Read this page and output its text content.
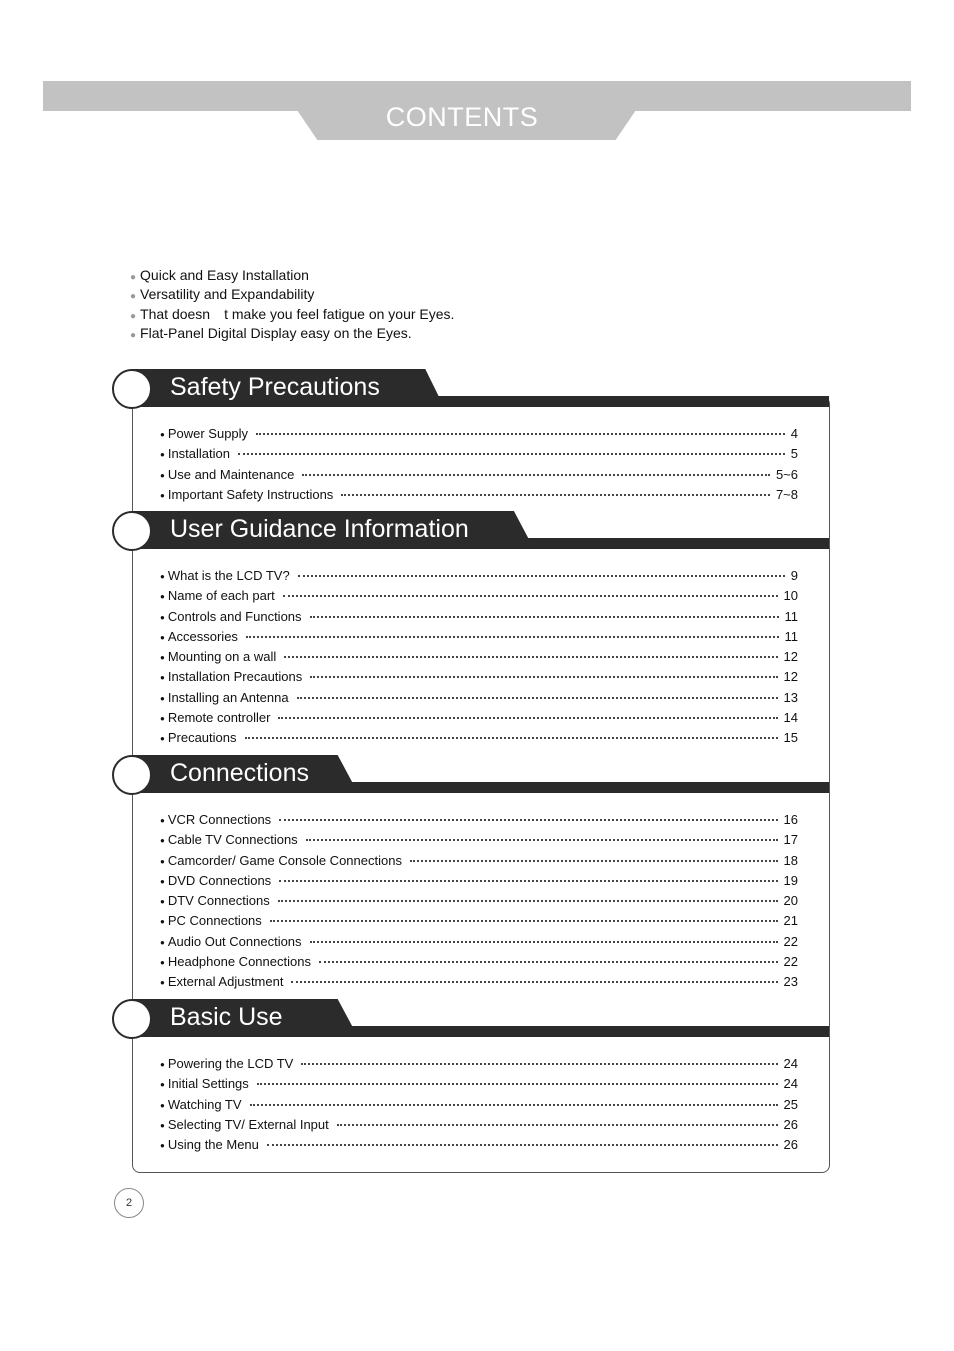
CONTENTS
● Quick and Easy Installation
● Versatility and Expandability
● That doesn　t make you feel fatigue on your Eyes.
● Flat-Panel Digital Display easy on the Eyes.
Safety Precautions
● Power Supply	4
● Installation	5
● Use and Maintenance	5~6
● Important Safety Instructions	7~8
User Guidance Information
● What is the LCD TV?	9
● Name of each part	10
● Controls and Functions	11
● Accessories	11
● Mounting on a wall	12
● Installation Precautions	12
● Installing an Antenna	13
● Remote controller	14
● Precautions	15
Connections
● VCR Connections	16
● Cable TV Connections	17
● Camcorder/ Game Console Connections	18
● DVD Connections	19
● DTV Connections	20
● PC Connections	21
● Audio Out Connections	22
● Headphone Connections	22
● External Adjustment	23
Basic Use
● Powering the LCD TV	24
● Initial Settings	24
● Watching TV	25
● Selecting TV/ External Input	26
● Using the Menu	26
2
